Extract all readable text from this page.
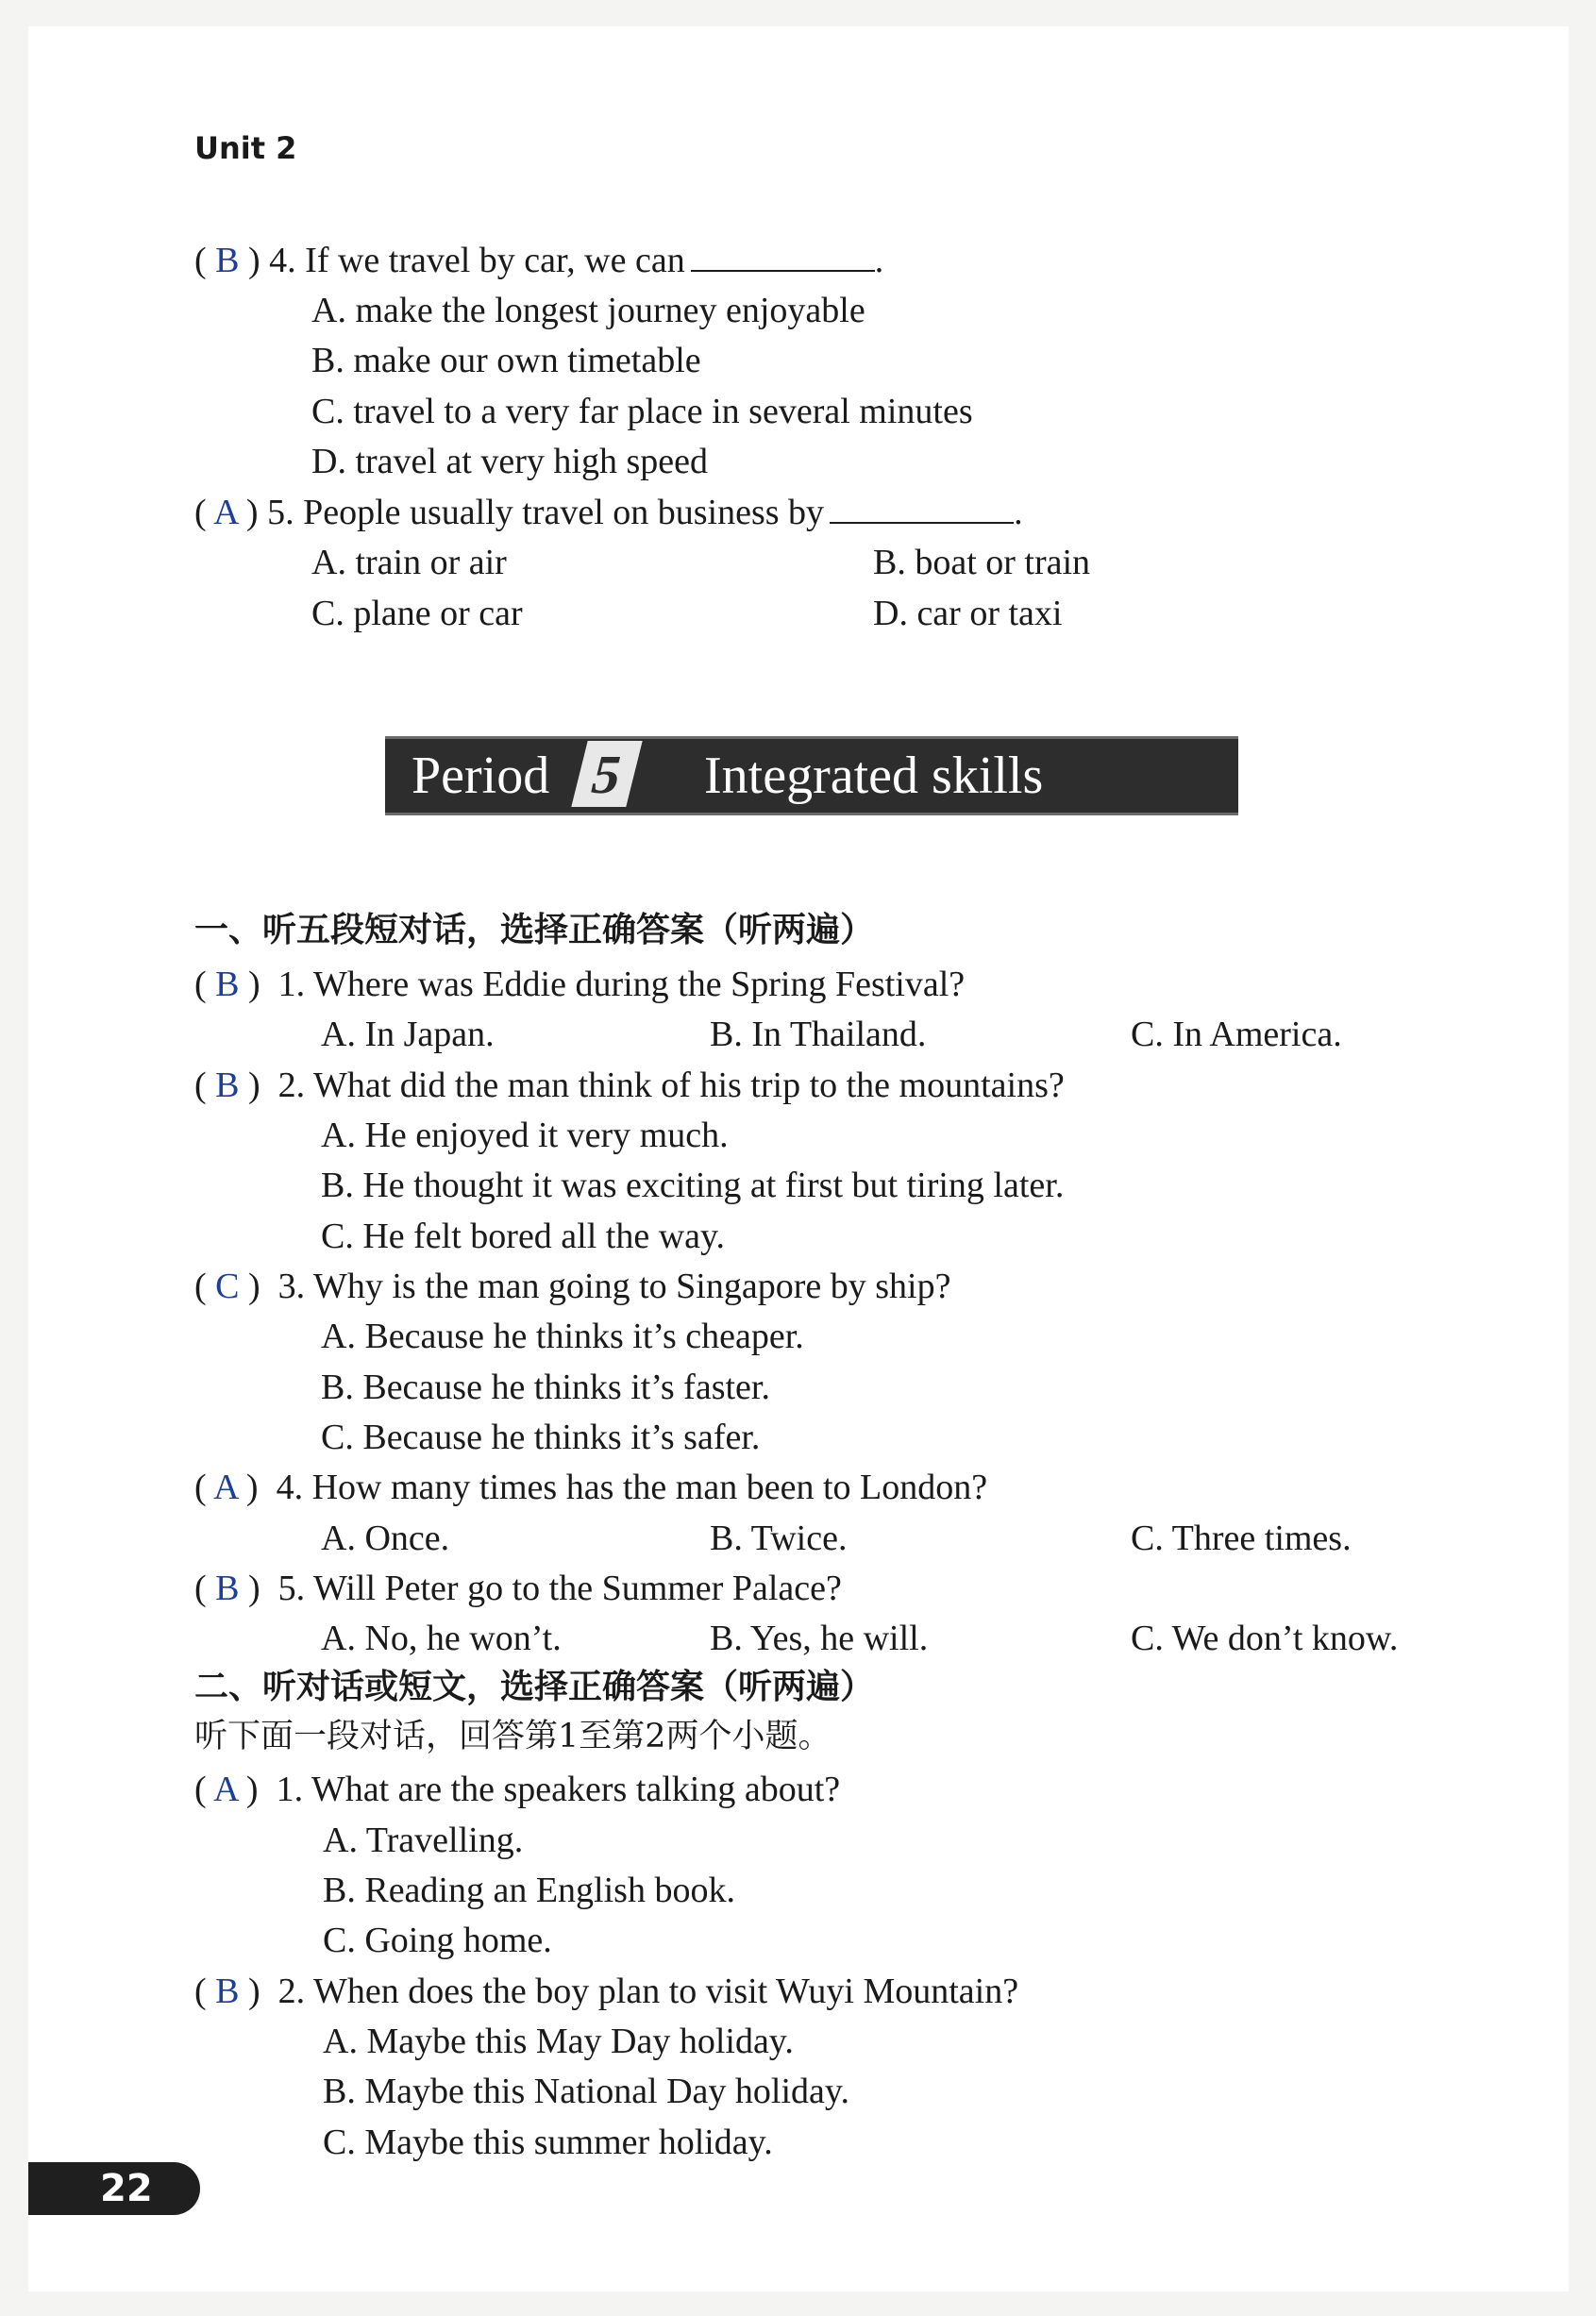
Unit 2
( B ) 4. If we travel by car, we can	.
A. make the longest journey enjoyable
B. make our own timetable
C. travel to a very far place in several minutes
D. travel at very high speed
( A ) 5. People usually travel on business by	.
A. train or air	B. boat or train
C. plane or car	D. car or taxi
Period 5 Integrated skills
一、听五段短对话，选择正确答案（听两遍）
( B )  1. Where was Eddie during the Spring Festival?
A. In Japan.	B. In Thailand.	C. In America.
( B )  2. What did the man think of his trip to the mountains?
A. He enjoyed it very much.
B. He thought it was exciting at first but tiring later.
C. He felt bored all the way.
( C )  3. Why is the man going to Singapore by ship?
A. Because he thinks it’s cheaper.
B. Because he thinks it’s faster.
C. Because he thinks it’s safer.
( A )  4. How many times has the man been to London?
A. Once.	B. Twice.	C. Three times.
( B )  5. Will Peter go to the Summer Palace?
A. No, he won’t.	B. Yes, he will.	C. We don’t know.
二、听对话或短文，选择正确答案（听两遍）
听下面一段对话，回答第1至第2两个小题。
( A )  1. What are the speakers talking about?
A. Travelling.
B. Reading an English book.
C. Going home.
( B )  2. When does the boy plan to visit Wuyi Mountain?
A. Maybe this May Day holiday.
B. Maybe this National Day holiday.
C. Maybe this summer holiday.
22
